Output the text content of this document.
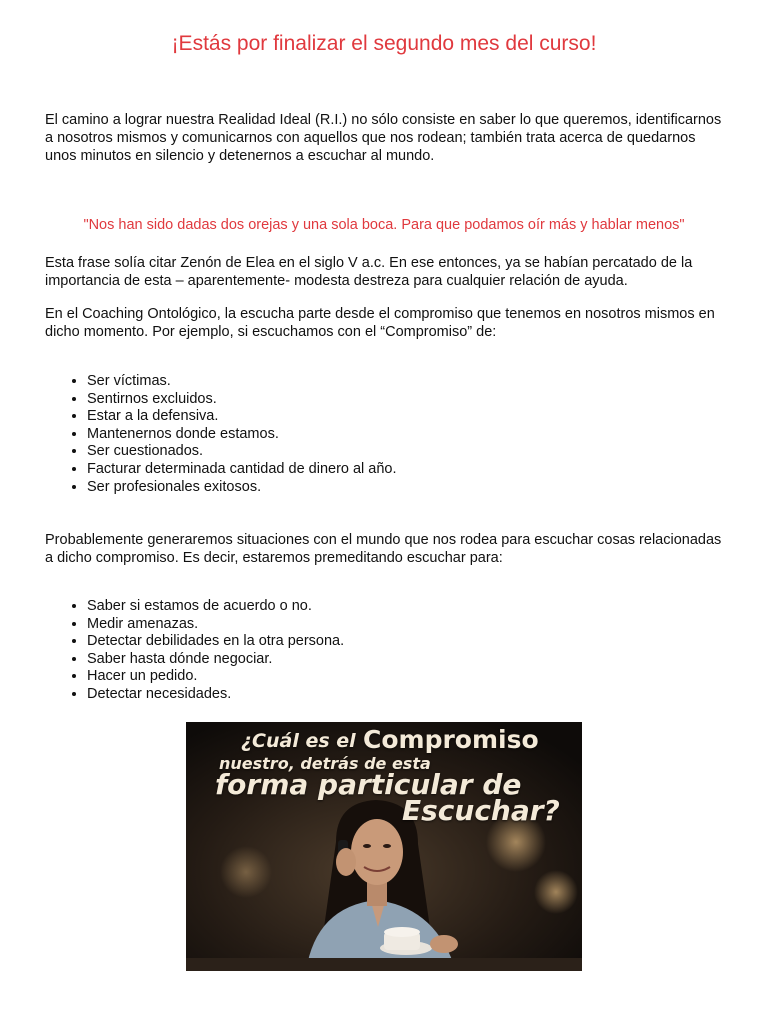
¡Estás por finalizar el segundo mes del curso!

El camino a lograr nuestra Realidad Ideal (R.I.) no sólo consiste en saber lo que queremos, identificarnos a nosotros mismos y comunicarnos con aquellos que nos rodean; también trata acerca de quedarnos unos minutos en silencio y detenernos a escuchar al mundo.

"Nos han sido dadas dos orejas y una sola boca. Para que podamos oír más y hablar menos"

Esta frase solía citar Zenón de Elea en el siglo V a.c. En ese entonces, ya se habían percatado de la importancia de esta – aparentemente- modesta destreza para cualquier relación de ayuda.

En el Coaching Ontológico, la escucha parte desde el compromiso que tenemos en nosotros mismos en dicho momento. Por ejemplo, si escuchamos con el “Compromiso” de:

• Ser víctimas.
• Sentirnos excluidos.
• Estar a la defensiva.
• Mantenernos donde estamos.
• Ser cuestionados.
• Facturar determinada cantidad de dinero al año.
• Ser profesionales exitosos.

Probablemente generaremos situaciones con el mundo que nos rodea para escuchar cosas relacionadas a dicho compromiso. Es decir, estaremos premeditando escuchar para:

• Saber si estamos de acuerdo o no.
• Medir amenazas.
• Detectar debilidades en la otra persona.
• Saber hasta dónde negociar.
• Hacer un pedido.
• Detectar necesidades.
¿Cuál es el Compromiso
nuestro, detrás de esta
forma particular de
Escuchar?
